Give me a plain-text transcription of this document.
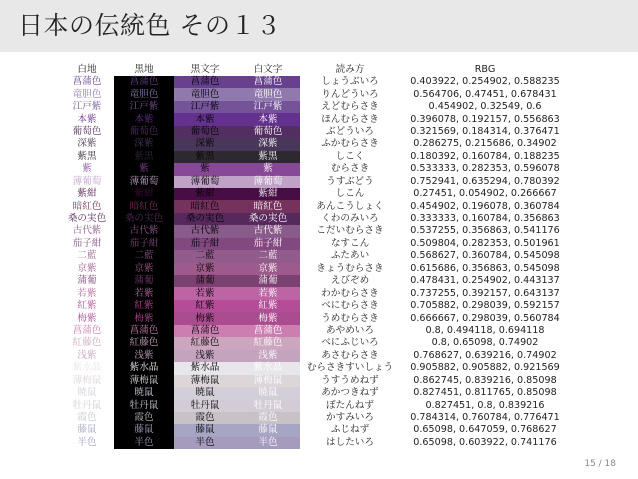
日本の伝統色 その１３
白地	黒地	黒文字	白文字	読み方	RBG
菖蒲色	菖蒲色	菖蒲色	菖蒲色	しょうぶいろ	0.403922, 0.254902, 0.588235
竜胆色	竜胆色	竜胆色	竜胆色	りんどういろ	0.564706, 0.47451, 0.678431
江戸紫	江戸紫	江戸紫	江戸紫	えどむらさき	0.454902, 0.32549, 0.6
本紫	本紫	本紫	本紫	ほんむらさき	0.396078, 0.192157, 0.556863
葡萄色	葡萄色	葡萄色	葡萄色	ぶどういろ	0.321569, 0.184314, 0.376471
深紫	深紫	深紫	深紫	ふかむらさき	0.286275, 0.215686, 0.34902
紫黒	紫黒	紫黒	紫黒	しこく	0.180392, 0.160784, 0.188235
紫	紫	紫	紫	むらさき	0.533333, 0.282353, 0.596078
薄葡萄	薄葡萄	薄葡萄	薄葡萄	うすぶどう	0.752941, 0.635294, 0.780392
紫紺	紫紺	紫紺	紫紺	しこん	0.27451, 0.054902, 0.266667
暗紅色	暗紅色	暗紅色	暗紅色	あんこうしょく	0.454902, 0.196078, 0.360784
桑の実色	桑の実色	桑の実色	桑の実色	くわのみいろ	0.333333, 0.160784, 0.356863
古代紫	古代紫	古代紫	古代紫	こだいむらさき	0.537255, 0.356863, 0.541176
茄子紺	茄子紺	茄子紺	茄子紺	なすこん	0.509804, 0.282353, 0.501961
二藍	二藍	二藍	二藍	ふたあい	0.568627, 0.360784, 0.545098
京紫	京紫	京紫	京紫	きょうむらさき	0.615686, 0.356863, 0.545098
蒲葡	蒲葡	蒲葡	蒲葡	えびぞめ	0.478431, 0.254902, 0.443137
若紫	若紫	若紫	若紫	わかむらさき	0.737255, 0.392157, 0.643137
紅紫	紅紫	紅紫	紅紫	べにむらさき	0.705882, 0.298039, 0.592157
梅紫	梅紫	梅紫	梅紫	うめむらさき	0.666667, 0.298039, 0.560784
菖蒲色	菖蒲色	菖蒲色	菖蒲色	あやめいろ	0.8, 0.494118, 0.694118
紅藤色	紅藤色	紅藤色	紅藤色	べにふじいろ	0.8, 0.65098, 0.74902
浅紫	浅紫	浅紫	浅紫	あさむらさき	0.768627, 0.639216, 0.74902
紫水晶	紫水晶	紫水晶	紫水晶	むらさきすいしょう	0.905882, 0.905882, 0.921569
薄梅鼠	薄梅鼠	薄梅鼠	薄梅鼠	うすうめねず	0.862745, 0.839216, 0.85098
暁鼠	暁鼠	暁鼠	暁鼠	あかつきねず	0.827451, 0.811765, 0.85098
牡丹鼠	牡丹鼠	牡丹鼠	牡丹鼠	ぼたんねず	0.827451, 0.8, 0.839216
霞色	霞色	霞色	霞色	かすみいろ	0.784314, 0.760784, 0.776471
藤鼠	藤鼠	藤鼠	藤鼠	ふじねず	0.65098, 0.647059, 0.768627
半色	半色	半色	半色	はしたいろ	0.65098, 0.603922, 0.741176
15 / 18
